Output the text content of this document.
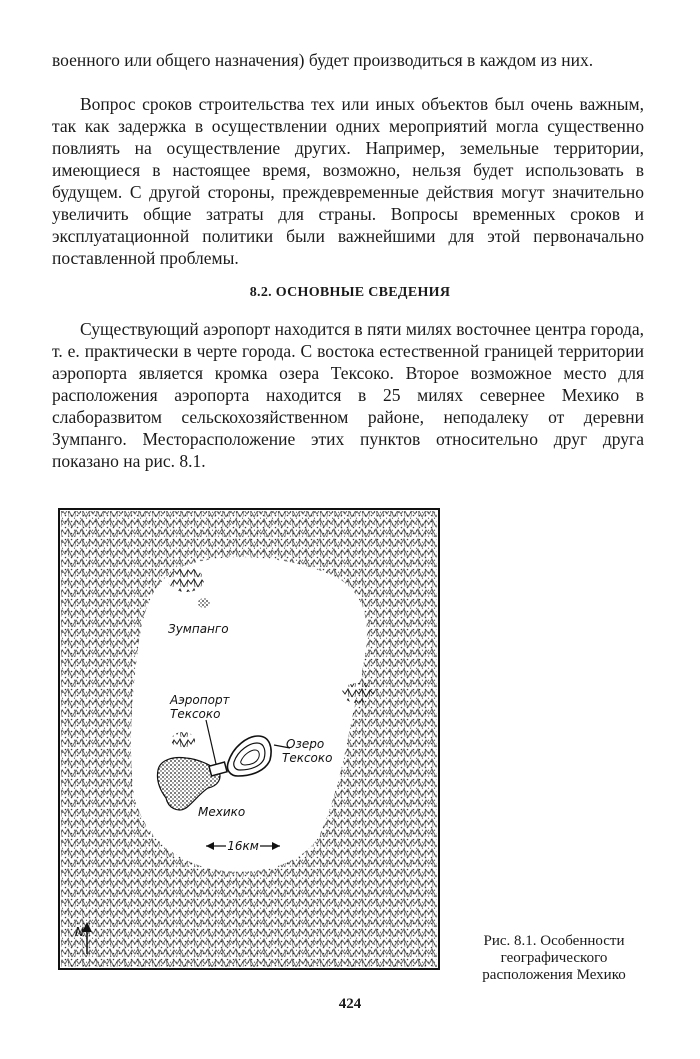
военного или общего назначения) будет производиться в каждом из них.

Вопрос сроков строительства тех или иных объектов был очень важным, так как задержка в осуществлении одних мероприятий могла существенно повлиять на осуществление других. Например, земельные территории, имеющиеся в настоящее время, возможно, нельзя будет использовать в будущем. С другой стороны, преждевременные действия могут значительно увеличить общие затраты для страны. Вопросы временных сроков и эксплуатационной политики были важнейшими для этой первоначально поставленной проблемы.

8.2. ОСНОВНЫЕ СВЕДЕНИЯ

Существующий аэропорт находится в пяти милях восточнее центра города, т. е. практически в черте города. С востока естественной границей территории аэропорта является кромка озера Тексоко. Второе возможное место для расположения аэропорта находится в 25 милях севернее Мехико в слаборазвитом сельскохозяйственном районе, неподалеку от деревни Зумпанго. Месторасположение этих пунктов относительно друг друга показано на рис. 8.1.

Зумпанго
Аэропорт
Тексоко
Озеро
Тексоко
Мехико
16км
N
Рис. 8.1. Особенности географического расположения Мехико
424
